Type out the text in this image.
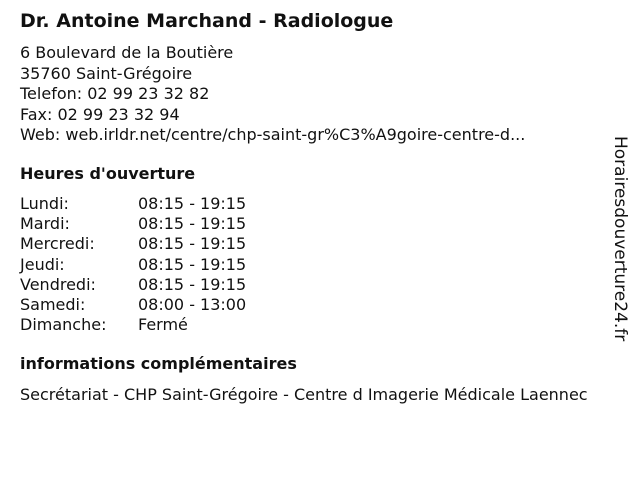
Dr. Antoine Marchand - Radiologue
6 Boulevard de la Boutière
35760 Saint-Grégoire
Telefon: 02 99 23 32 82
Fax: 02 99 23 32 94
Web: web.irldr.net/centre/chp-saint-gr%C3%A9goire-centre-d...
Heures d'ouverture
Lundi:	08:15 - 19:15
Mardi:	08:15 - 19:15
Mercredi:	08:15 - 19:15
Jeudi:	08:15 - 19:15
Vendredi:	08:15 - 19:15
Samedi:	08:00 - 13:00
Dimanche:	Fermé
informations complémentaires
Secrétariat - CHP Saint-Grégoire - Centre d Imagerie Médicale Laennec
Horairesdouverture24.fr
